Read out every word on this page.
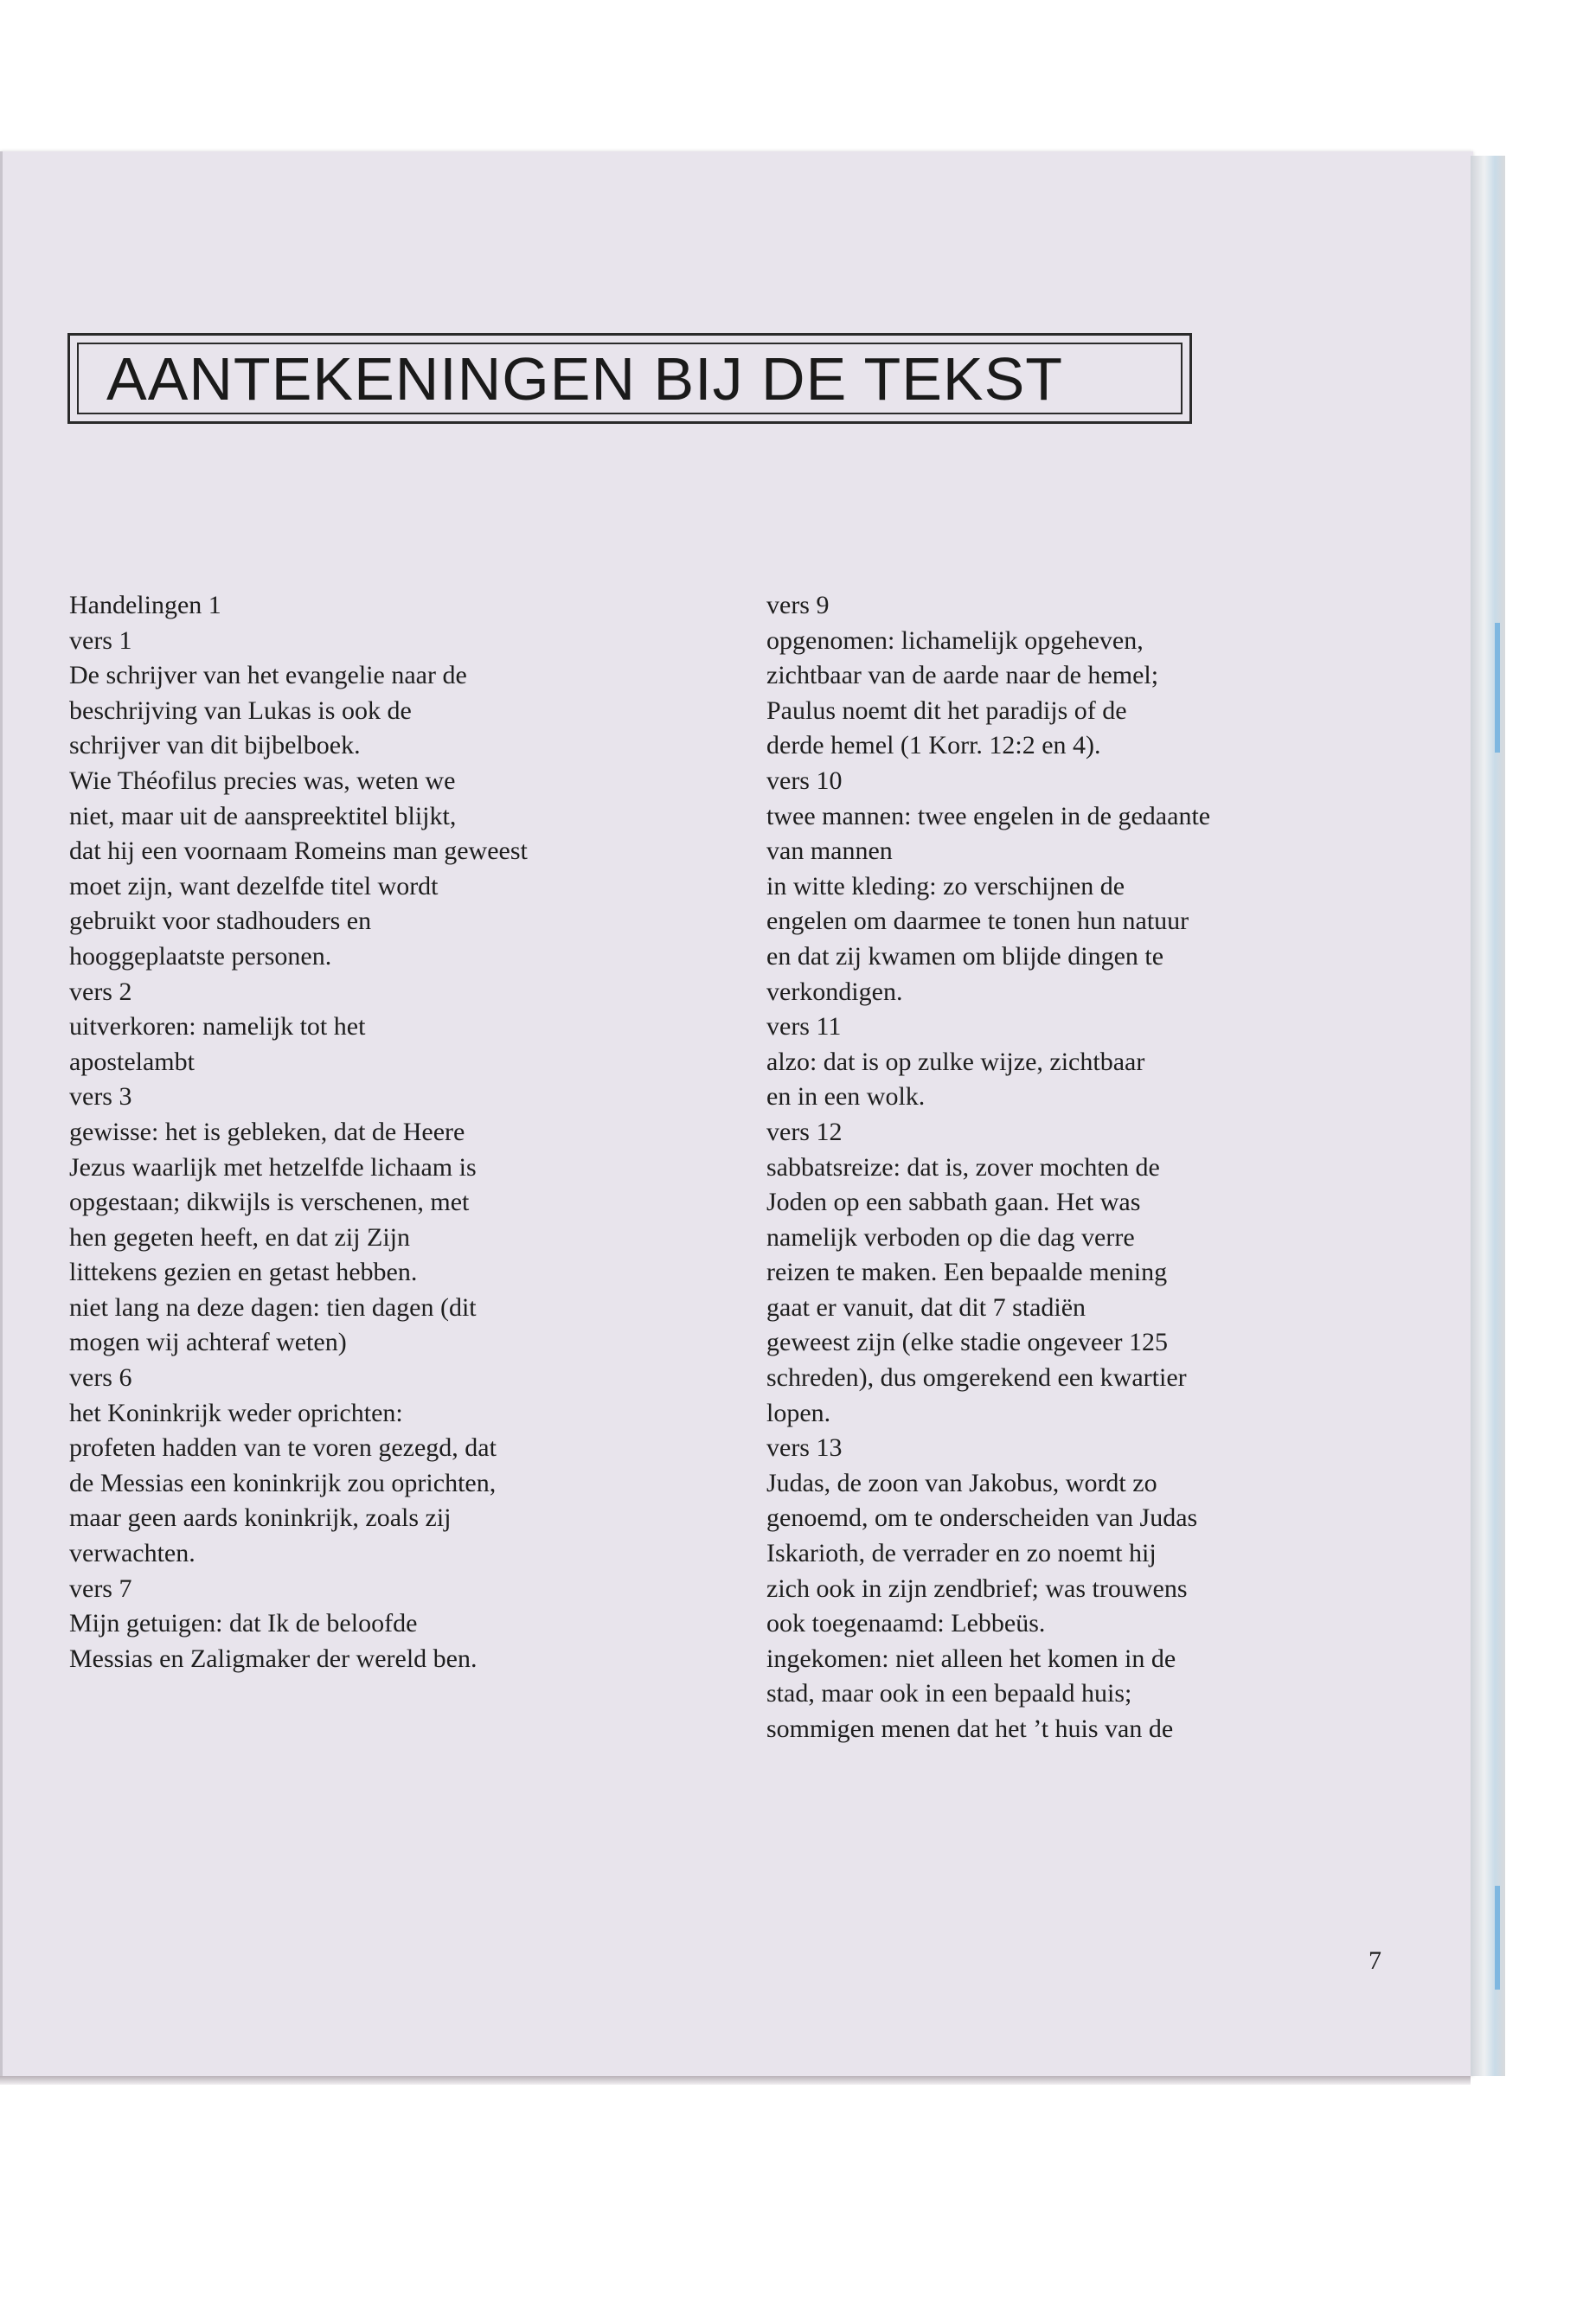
AANTEKENINGEN BIJ DE TEKST

Handelingen 1

vers 1

De schrijver van het evangelie naar de
beschrijving van Lukas is ook de
schrijver van dit bijbelboek.

Wie Théofilus precies was, weten we
niet, maar uit de aanspreektitel blijkt,
dat hij een voornaam Romeins man geweest
moet zijn, want dezelfde titel wordt
gebruikt voor stadhouders en
hooggeplaatste personen.

vers 2

uitverkoren: namelijk tot het
apostelambt

vers 3

gewisse: het is gebleken, dat de Heere
Jezus waarlijk met hetzelfde lichaam is
opgestaan; dikwijls is verschenen, met
hen gegeten heeft, en dat zij Zijn
littekens gezien en getast hebben.

niet lang na deze dagen: tien dagen (dit
mogen wij achteraf weten)

vers 6

het Koninkrijk weder oprichten:
profeten hadden van te voren gezegd, dat
de Messias een koninkrijk zou oprichten,
maar geen aards koninkrijk, zoals zij
verwachten.

vers 7

Mijn getuigen: dat Ik de beloofde
Messias en Zaligmaker der wereld ben.

vers 9

opgenomen: lichamelijk opgeheven,
zichtbaar van de aarde naar de hemel;
Paulus noemt dit het paradijs of de
derde hemel (1 Korr. 12:2 en 4).

vers 10

twee mannen: twee engelen in de gedaante
van mannen

in witte kleding: zo verschijnen de
engelen om daarmee te tonen hun natuur
en dat zij kwamen om blijde dingen te
verkondigen.

vers 11

alzo: dat is op zulke wijze, zichtbaar
en in een wolk.

vers 12

sabbatsreize: dat is, zover mochten de
Joden op een sabbath gaan. Het was
namelijk verboden op die dag verre
reizen te maken. Een bepaalde mening
gaat er vanuit, dat dit 7 stadiën
geweest zijn (elke stadie ongeveer 125
schreden), dus omgerekend een kwartier
lopen.

vers 13

Judas, de zoon van Jakobus, wordt zo
genoemd, om te onderscheiden van Judas
Iskarioth, de verrader en zo noemt hij
zich ook in zijn zendbrief; was trouwens
ook toegenaamd: Lebbeüs.

ingekomen: niet alleen het komen in de
stad, maar ook in een bepaald huis;
sommigen menen dat het ’t huis van de

7
